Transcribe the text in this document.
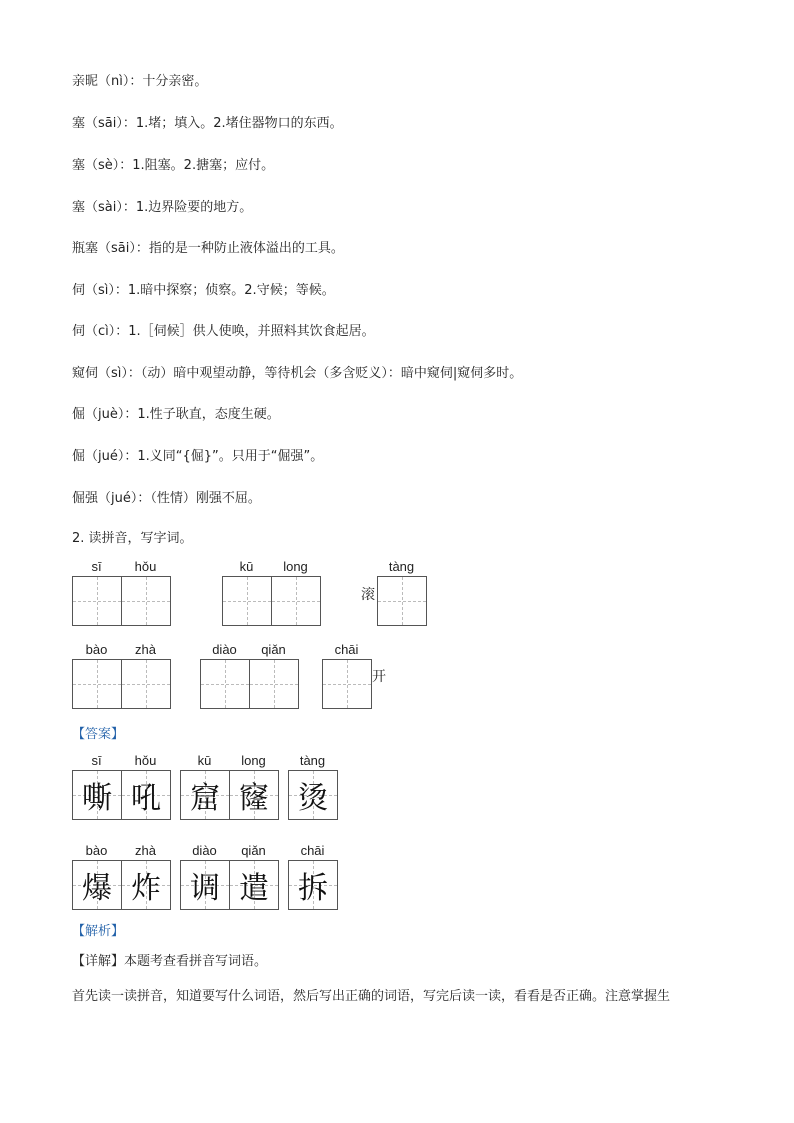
亲昵（nì）：十分亲密。
塞（sāi）：1.堵；填入。2.堵住器物口的东西。
塞（sè）：1.阻塞。2.搪塞；应付。
塞（sài）：1.边界险要的地方。
瓶塞（sāi）：指的是一种防止液体溢出的工具。
伺（sì）：1.暗中探察；侦察。2.守候；等候。
伺（cì）：1.［伺候］供人使唤，并照料其饮食起居。
窥伺（sì）：（动）暗中观望动静，等待机会（多含贬义）：暗中窥伺|窥伺多时。
倔（juè）：1.性子耿直，态度生硬。
倔（jué）：1.义同“{倔}”。只用于“倔强”。
倔强（jué）：（性情）刚强不屈。
2. 读拼音，写字词。
sī	hǒu	kū	long
滚
tàng
bào	zhà	diào	qiǎn	chāi
开
【答案】
sī	hǒu
嘶 吼
kū	long
窟 窿
tàng
烫
bào	zhà
爆 炸
diào	qiǎn
调 遣
chāi
拆
【解析】
【详解】本题考查看拼音写词语。
首先读一读拼音，知道要写什么词语，然后写出正确的词语，写完后读一读，看看是否正确。注意掌握生
